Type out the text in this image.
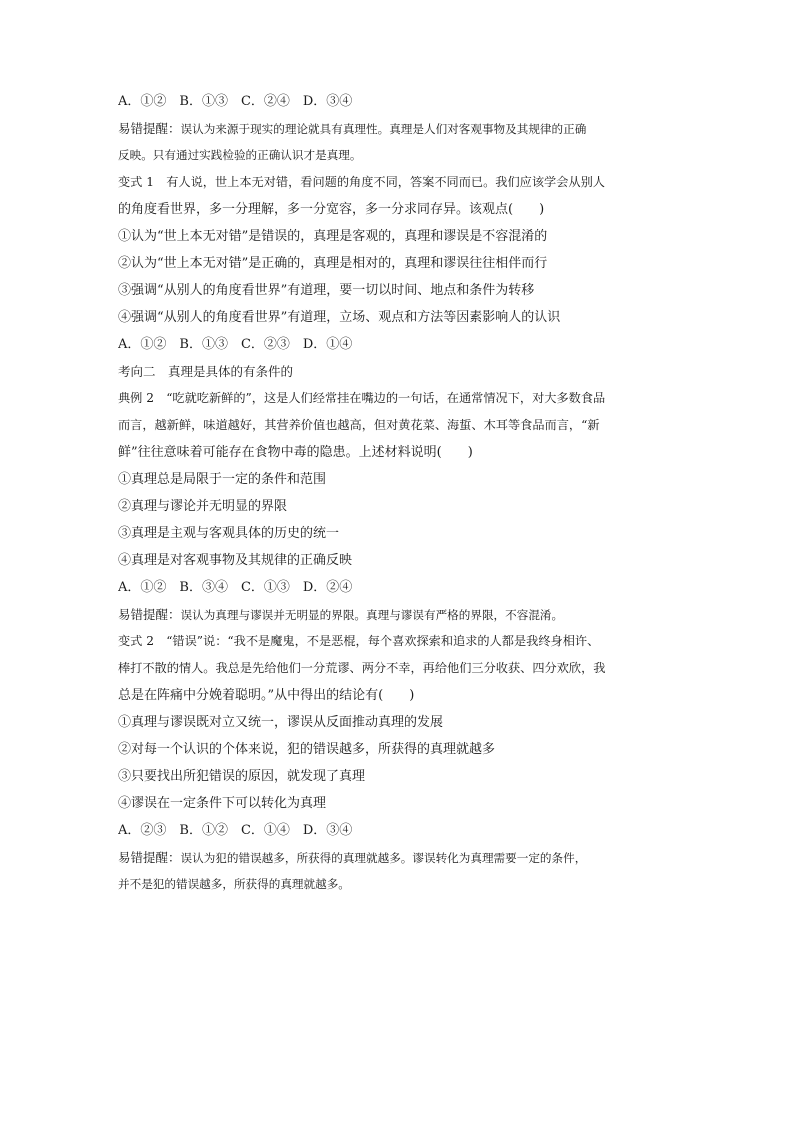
A．①②　B．①③　C．②④　D．③④
易错提醒：误认为来源于现实的理论就具有真理性。真理是人们对客观事物及其规律的正确
反映。只有通过实践检验的正确认识才是真理。
变式 1　有人说，世上本无对错，看问题的角度不同，答案不同而已。我们应该学会从别人
的角度看世界，多一分理解，多一分宽容，多一分求同存异。该观点(　　)
①认为“世上本无对错”是错误的，真理是客观的，真理和谬误是不容混淆的
②认为“世上本无对错”是正确的，真理是相对的，真理和谬误往往相伴而行
③强调“从别人的角度看世界”有道理，要一切以时间、地点和条件为转移
④强调“从别人的角度看世界”有道理，立场、观点和方法等因素影响人的认识
A．①②　B．①③　C．②③　D．①④
考向二　真理是具体的有条件的
典例 2　“吃就吃新鲜的”，这是人们经常挂在嘴边的一句话，在通常情况下，对大多数食品
而言，越新鲜，味道越好，其营养价值也越高，但对黄花菜、海蜇、木耳等食品而言，“新
鲜”往往意味着可能存在食物中毒的隐患。上述材料说明(　　)
①真理总是局限于一定的条件和范围
②真理与谬论并无明显的界限
③真理是主观与客观具体的历史的统一
④真理是对客观事物及其规律的正确反映
A．①②　B．③④　C．①③　D．②④
易错提醒：误认为真理与谬误并无明显的界限。真理与谬误有严格的界限，不容混淆。
变式 2　“错误”说：“我不是魔鬼，不是恶棍，每个喜欢探索和追求的人都是我终身相许、
棒打不散的情人。我总是先给他们一分荒谬、两分不幸，再给他们三分收获、四分欢欣，我
总是在阵痛中分娩着聪明。”从中得出的结论有(　　)
①真理与谬误既对立又统一，谬误从反面推动真理的发展
②对每一个认识的个体来说，犯的错误越多，所获得的真理就越多
③只要找出所犯错误的原因，就发现了真理
④谬误在一定条件下可以转化为真理
A．②③　B．①②　C．①④　D．③④
易错提醒：误认为犯的错误越多，所获得的真理就越多。谬误转化为真理需要一定的条件，
并不是犯的错误越多，所获得的真理就越多。
